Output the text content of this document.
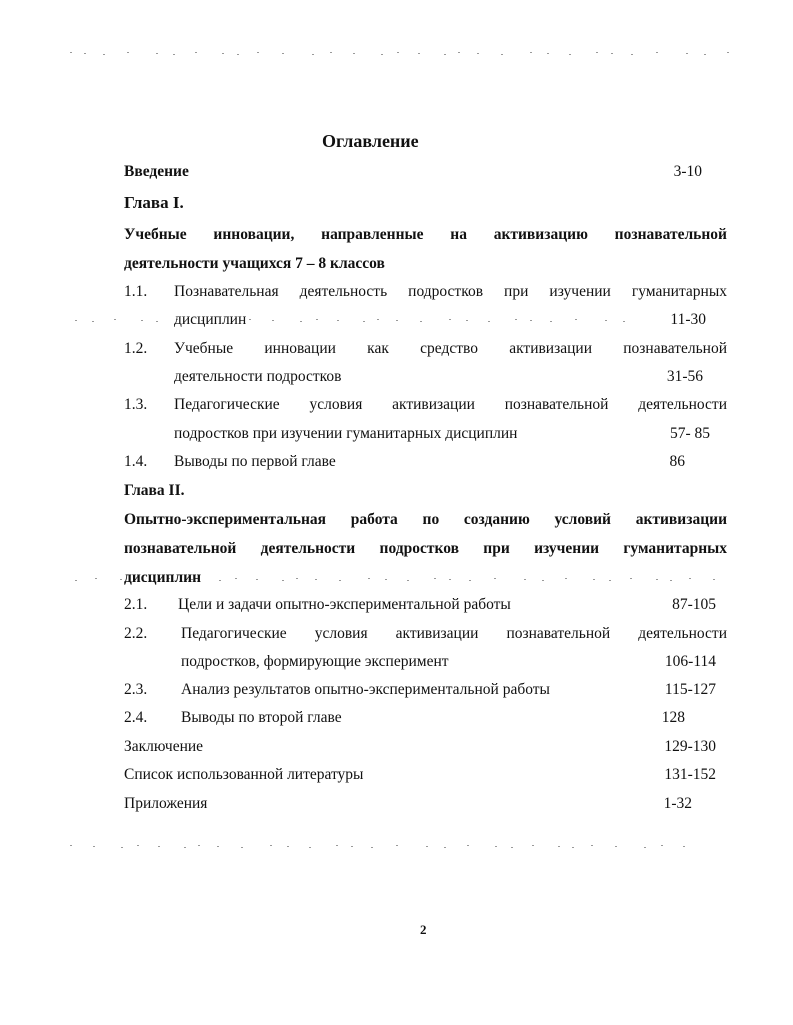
Оглавление
Введение	3-10
Глава I.
Учебные инновации, направленные на активизацию познавательной
деятельности учащихся 7 – 8 классов
1.1. Познавательная деятельность подростков при изучении гуманитарных
дисциплин	11-30
1.2. Учебные инновации как средство активизации познавательной
деятельности подростков	31-56
1.3. Педагогические условия активизации познавательной деятельности
подростков при изучении гуманитарных дисциплин	57- 85
1.4. Выводы по первой главе	86
Глава II.
Опытно-экспериментальная работа по созданию условий активизации
познавательной деятельности подростков при изучении гуманитарных
дисциплин
2.1. Цели и задачи опытно-экспериментальной работы	87-105
2.2. Педагогические условия активизации познавательной деятельности
подростков, формирующие эксперимент	106-114
2.3. Анализ результатов опытно-экспериментальной работы	115-127
2.4. Выводы по второй главе	128
Заключение	129-130
Список использованной литературы	131-152
Приложения	1-32
2
